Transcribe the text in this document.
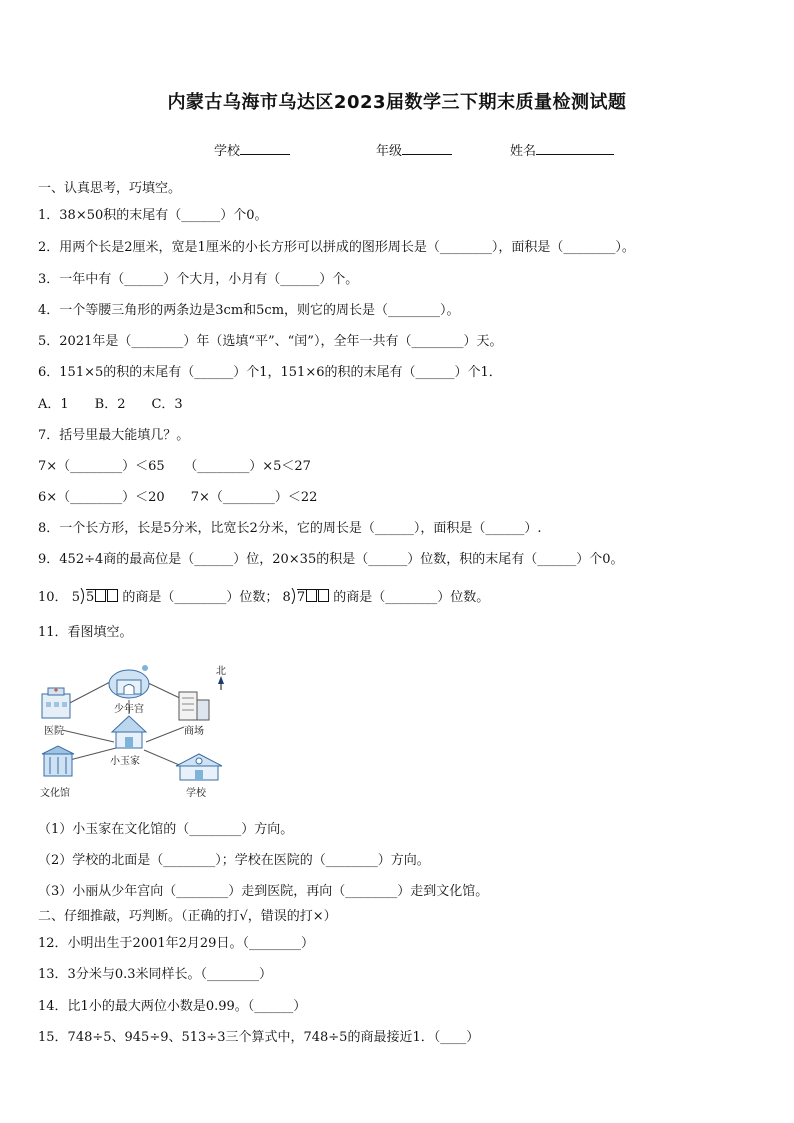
内蒙古乌海市乌达区2023届数学三下期末质量检测试题
学校	年级	姓名
一、认真思考，巧填空。
1．38×50积的末尾有（______）个0。
2．用两个长是2厘米，宽是1厘米的小长方形可以拼成的图形周长是（________），面积是（________）。
3．一年中有（______）个大月，小月有（______）个。
4．一个等腰三角形的两条边是3cm和5cm，则它的周长是（________）。
5．2021年是（________）年（选填“平”、“闰”），全年一共有（________）天。
6．151×5的积的末尾有（______）个1，151×6的积的末尾有（______）个1．
A．1　　B．2　　C．3
7．括号里最大能填几？。
7×（________）＜65　　（________）×5＜27
6×（________）＜20　　7×（________）＜22
8．一个长方形，长是5分米，比宽长2分米，它的周长是（______），面积是（______）.
9．452÷4商的最高位是（______）位，20×35的积是（______）位数，积的末尾有（______）个0。
10． 5 5 的商是（________）位数； 8 7 的商是（________）位数。
11．看图填空。
北
少年宫
医院	商场
小玉家
文化馆	学校
（1）小玉家在文化馆的（________）方向。
（2）学校的北面是（________）；学校在医院的（________）方向。
（3）小丽从少年宫向（________）走到医院，再向（________）走到文化馆。
二、仔细推敲，巧判断。（正确的打√，错误的打×）
12．小明出生于2001年2月29日。（________）
13．3分米与0.3米同样长。（________）
14．比1小的最大两位小数是0.99。（______）
15．748÷5、945÷9、513÷3三个算式中，748÷5的商最接近1．（____）
